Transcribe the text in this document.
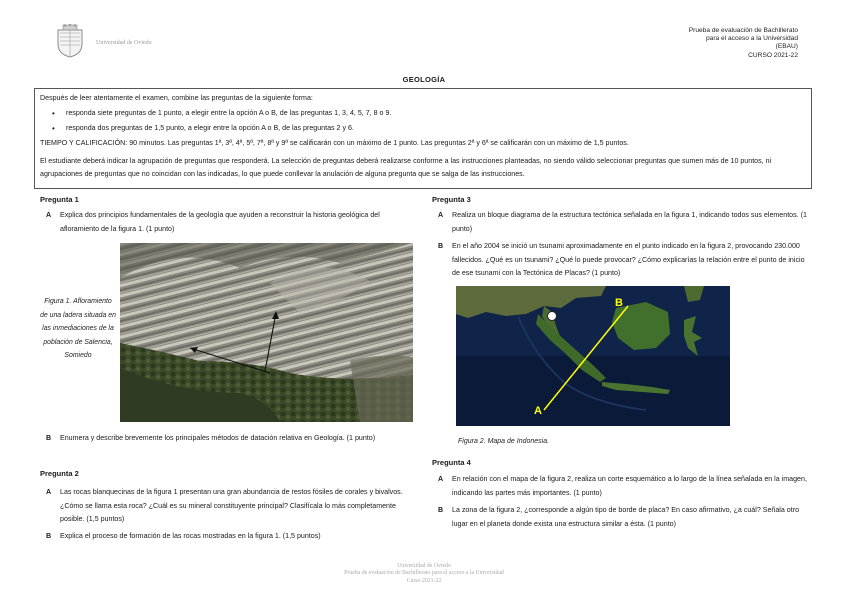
Universidad de Oviedo
Prueba de evaluación de Bachillerato
para el acceso a la Universidad
(EBAU)
CURSO 2021-22
GEOLOGÍA

Después de leer atentamente el examen, combine las preguntas de la siguiente forma:

• responda siete preguntas de 1 punto, a elegir entre la opción A o B, de las preguntas 1, 3, 4, 5, 7, 8 o 9.
• responda dos preguntas de 1,5 punto, a elegir entre la opción A o B, de las preguntas 2 y 6.

TIEMPO Y CALIFICACIÓN: 90 minutos. Las preguntas 1ª, 3ª, 4ª, 5ª, 7ª, 8ª y 9ª se calificarán con un máximo de 1 punto. Las preguntas 2ª y 6ª se calificarán con un máximo de 1,5 puntos.

El estudiante deberá indicar la agrupación de preguntas que responderá. La selección de preguntas deberá realizarse conforme a las instrucciones planteadas, no siendo válido seleccionar preguntas que sumen más de 10 puntos, ni agrupaciones de preguntas que no coincidan con las indicadas, lo que puede conllevar la anulación de alguna pregunta que se salga de las instrucciones.

Pregunta 1
A	Explica dos principios fundamentales de la geología que ayuden a reconstruir la historia geológica del afloramiento de la figura 1. (1 punto)
Figura 1. Afloramiento de una ladera situada en las inmediaciones de la población de Salencia, Somiedo
B	Enumera y describe brevemente los principales métodos de datación relativa en Geología. (1 punto)
Pregunta 2
A	Las rocas blanquecinas de la figura 1 presentan una gran abundancia de restos fósiles de corales y bivalvos. ¿Cómo se llama esta roca? ¿Cuál es su mineral constituyente principal? Clasifícala lo más completamente posible. (1,5 puntos)
B	Explica el proceso de formación de las rocas mostradas en la figura 1. (1,5 puntos)
Pregunta 3
A	Realiza un bloque diagrama de la estructura tectónica señalada en la figura 1, indicando todos sus elementos. (1 punto)
B	En el año 2004 se inició un tsunami aproximadamente en el punto indicado en la figura 2, provocando 230.000 fallecidos. ¿Qué es un tsunami? ¿Qué lo puede provocar? ¿Cómo explicarías la relación entre el punto de inicio de ese tsunami con la Tectónica de Placas? (1 punto)
A
B
Figura 2. Mapa de Indonesia.
Pregunta 4
A	En relación con el mapa de la figura 2, realiza un corte esquemático a lo largo de la línea señalada en la imagen, indicando las partes más importantes. (1 punto)
B	La zona de la figura 2, ¿corresponde a algún tipo de borde de placa? En caso afirmativo, ¿a cuál? Señala otro lugar en el planeta donde exista una estructura similar a ésta. (1 punto)
Universidad de Oviedo
Prueba de evaluación de Bachillerato para el acceso a la Universidad
Curso 2021-22
